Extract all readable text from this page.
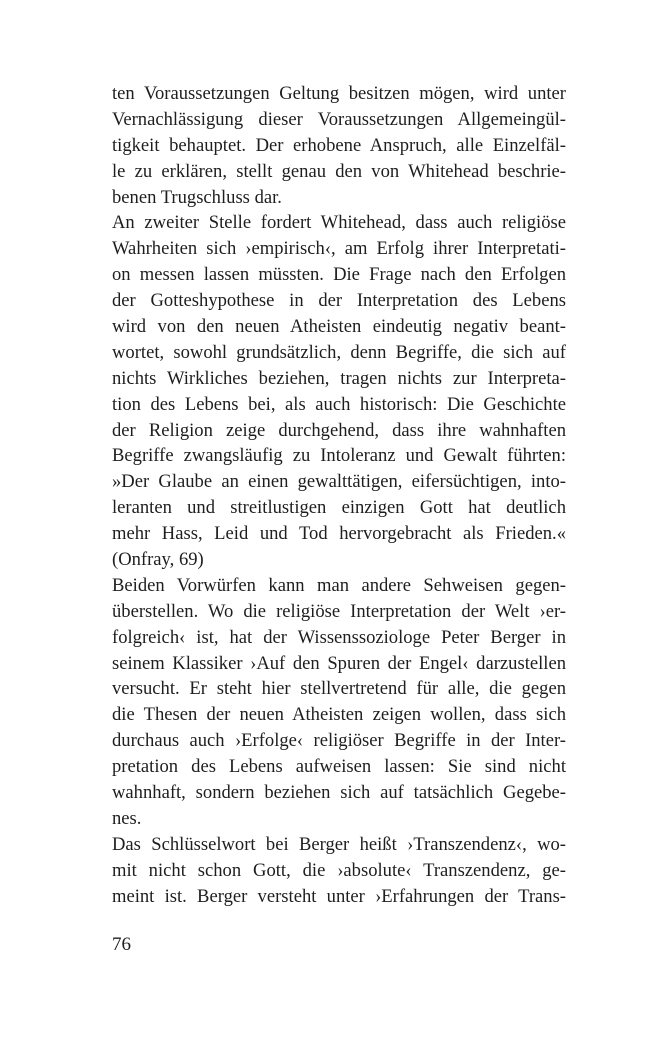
ten Voraussetzungen Geltung besitzen mögen, wird unter
Vernachlässigung dieser Voraussetzungen Allgemeingül-
tigkeit behauptet. Der erhobene Anspruch, alle Einzelfäl-
le zu erklären, stellt genau den von Whitehead beschrie-
benen Trugschluss dar.
An zweiter Stelle fordert Whitehead, dass auch religiöse
Wahrheiten sich ›empirisch‹, am Erfolg ihrer Interpretati-
on messen lassen müssten. Die Frage nach den Erfolgen
der Gotteshypothese in der Interpretation des Lebens
wird von den neuen Atheisten eindeutig negativ beant-
wortet, sowohl grundsätzlich, denn Begriffe, die sich auf
nichts Wirkliches beziehen, tragen nichts zur Interpreta-
tion des Lebens bei, als auch historisch: Die Geschichte
der Religion zeige durchgehend, dass ihre wahnhaften
Begriffe zwangsläufig zu Intoleranz und Gewalt führten:
»Der Glaube an einen gewalttätigen, eifersüchtigen, into-
leranten und streitlustigen einzigen Gott hat deutlich
mehr Hass, Leid und Tod hervorgebracht als Frieden.«
(Onfray, 69)
Beiden Vorwürfen kann man andere Sehweisen gegen-
überstellen. Wo die religiöse Interpretation der Welt ›er-
folgreich‹ ist, hat der Wissenssoziologe Peter Berger in
seinem Klassiker ›Auf den Spuren der Engel‹ darzustellen
versucht. Er steht hier stellvertretend für alle, die gegen
die Thesen der neuen Atheisten zeigen wollen, dass sich
durchaus auch ›Erfolge‹ religiöser Begriffe in der Inter-
pretation des Lebens aufweisen lassen: Sie sind nicht
wahnhaft, sondern beziehen sich auf tatsächlich Gegebe-
nes.
Das Schlüsselwort bei Berger heißt ›Transzendenz‹, wo-
mit nicht schon Gott, die ›absolute‹ Transzendenz, ge-
meint ist. Berger versteht unter ›Erfahrungen der Trans-
76
